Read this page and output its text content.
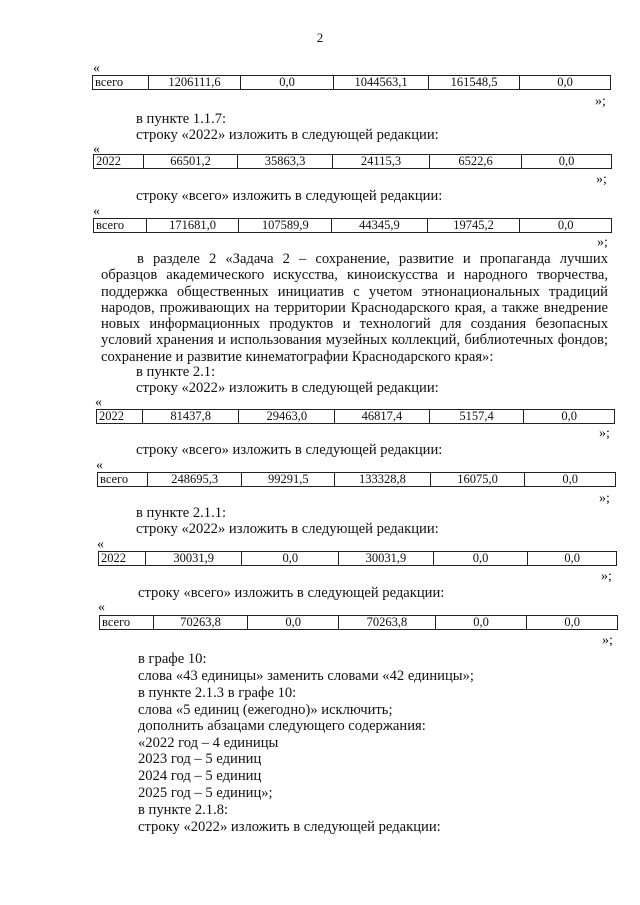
2
«
всего	1206111,6	0,0	1044563,1	161548,5	0,0
»;
в пункте 1.1.7:
строку «2022» изложить в следующей редакции:
«
2022	66501,2	35863,3	24115,3	6522,6	0,0
»;
строку «всего» изложить в следующей редакции:
«
всего	171681,0	107589,9	44345,9	19745,2	0,0
»;
в разделе 2 «Задача 2 – сохранение, развитие и пропаганда лучших образцов академического искусства, киноискусства и народного творчества, поддержка общественных инициатив с учетом этнонациональных традиций народов, проживающих на территории Краснодарского края, а также внедрение новых информационных продуктов и технологий для создания безопасных условий хранения и использования музейных коллекций, библиотечных фондов; сохранение и развитие кинематографии Краснодарского края»:
в пункте 2.1:
строку «2022» изложить в следующей редакции:
«
2022	81437,8	29463,0	46817,4	5157,4	0,0
»;
строку «всего» изложить в следующей редакции:
«
всего	248695,3	99291,5	133328,8	16075,0	0,0
»;
в пункте 2.1.1:
строку «2022» изложить в следующей редакции:
«
2022	30031,9	0,0	30031,9	0,0	0,0
»;
строку «всего» изложить в следующей редакции:
«
всего	70263,8	0,0	70263,8	0,0	0,0
»;
в графе 10:
слова «43 единицы» заменить словами «42 единицы»;
в пункте 2.1.3 в графе 10:
слова «5 единиц (ежегодно)» исключить;
дополнить абзацами следующего содержания:
«2022 год – 4 единицы
2023 год – 5 единиц
2024 год – 5 единиц
2025 год – 5 единиц»;
в пункте 2.1.8:
строку «2022» изложить в следующей редакции:
